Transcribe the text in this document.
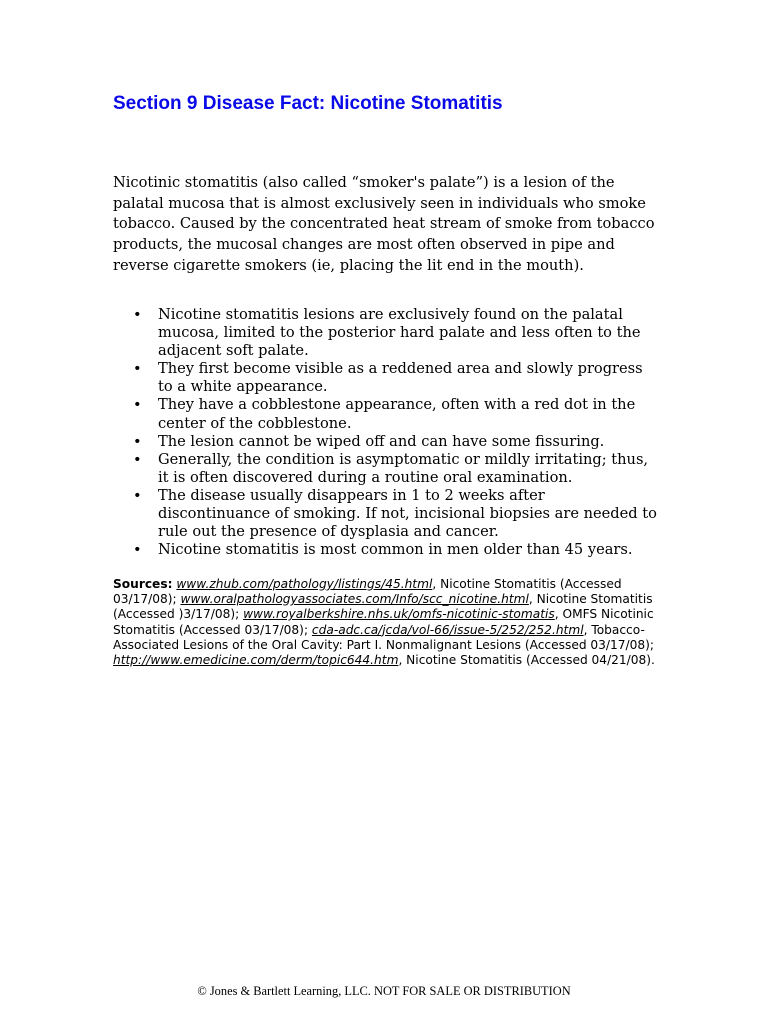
Section 9 Disease Fact: Nicotine Stomatitis

Nicotinic stomatitis (also called “smoker's palate”) is a lesion of the palatal mucosa that is almost exclusively seen in individuals who smoke tobacco. Caused by the concentrated heat stream of smoke from tobacco products, the mucosal changes are most often observed in pipe and reverse cigarette smokers (ie, placing the lit end in the mouth).

• Nicotine stomatitis lesions are exclusively found on the palatal mucosa, limited to the posterior hard palate and less often to the adjacent soft palate.
• They first become visible as a reddened area and slowly progress to a white appearance.
• They have a cobblestone appearance, often with a red dot in the center of the cobblestone.
• The lesion cannot be wiped off and can have some fissuring.
• Generally, the condition is asymptomatic or mildly irritating; thus, it is often discovered during a routine oral examination.
• The disease usually disappears in 1 to 2 weeks after discontinuance of smoking. If not, incisional biopsies are needed to rule out the presence of dysplasia and cancer.
• Nicotine stomatitis is most common in men older than 45 years.

Sources: www.zhub.com/pathology/listings/45.html, Nicotine Stomatitis (Accessed 03/17/08); www.oralpathologyassociates.com/Info/scc_nicotine.html, Nicotine Stomatitis (Accessed )3/17/08); www.royalberkshire.nhs.uk/omfs-nicotinic-stomatis, OMFS Nicotinic Stomatitis (Accessed 03/17/08); cda-adc.ca/jcda/vol-66/issue-5/252/252.html, Tobacco-Associated Lesions of the Oral Cavity: Part I. Nonmalignant Lesions (Accessed 03/17/08); http://www.emedicine.com/derm/topic644.htm, Nicotine Stomatitis (Accessed 04/21/08).

© Jones & Bartlett Learning, LLC. NOT FOR SALE OR DISTRIBUTION
